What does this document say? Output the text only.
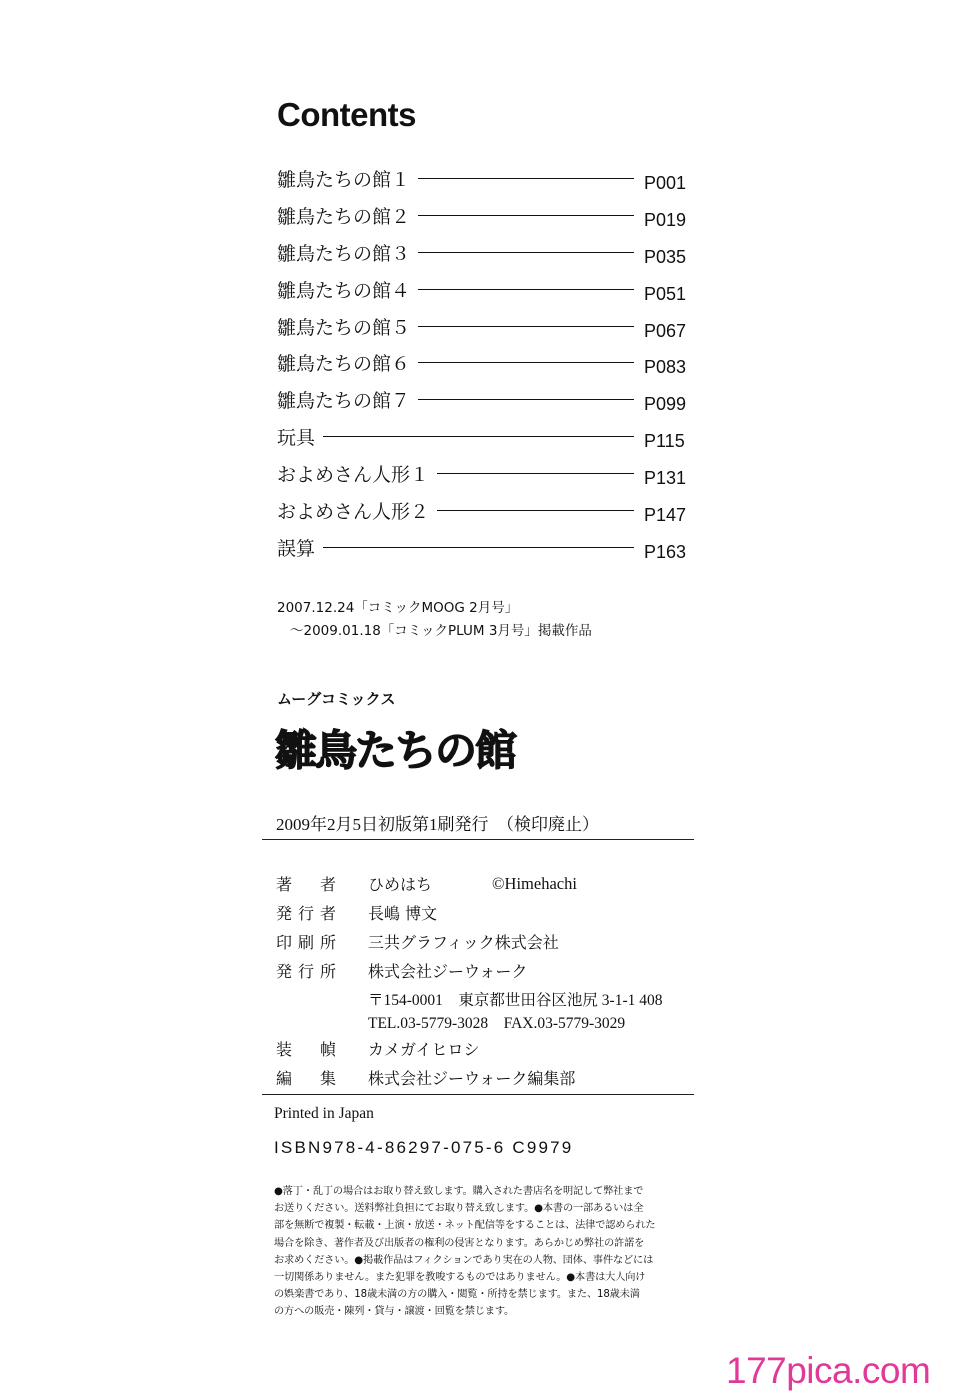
Contents
雛鳥たちの館１	P001
雛鳥たちの館２	P019
雛鳥たちの館３	P035
雛鳥たちの館４	P051
雛鳥たちの館５	P067
雛鳥たちの館６	P083
雛鳥たちの館７	P099
玩具	P115
およめさん人形１	P131
およめさん人形２	P147
誤算	P163
2007.12.24「コミックMOOG 2月号」
～2009.01.18「コミックPLUM 3月号」掲載作品
ムーグコミックス
雛鳥たちの館
2009年2月5日初版第1刷発行　（検印廃止）
著　者 ひめはち	©Himehachi
発行者 長嶋 博文
印刷所 三共グラフィック株式会社
発行所 株式会社ジーウォーク
〒154-0001　東京都世田谷区池尻 3-1-1 408
TEL.03-5779-3028　FAX.03-5779-3029
装　幀 カメガイヒロシ
編　集 株式会社ジーウォーク編集部
Printed in Japan
ISBN978-4-86297-075-6 C9979
●落丁・乱丁の場合はお取り替え致します。購入された書店名を明記して弊社まで
お送りください。送料弊社負担にてお取り替え致します。●本書の一部あるいは全
部を無断で複製・転載・上演・放送・ネット配信等をすることは、法律で認められた
場合を除き、著作者及び出版者の権利の侵害となります。あらかじめ弊社の許諾を
お求めください。●掲載作品はフィクションであり実在の人物、団体、事件などには
一切関係ありません。また犯罪を教唆するものではありません。●本書は大人向け
の娯楽書であり、18歳未満の方の購入・閲覧・所持を禁じます。また、18歳未満
の方への販売・陳列・貸与・譲渡・回覧を禁じます。
177pica.com
